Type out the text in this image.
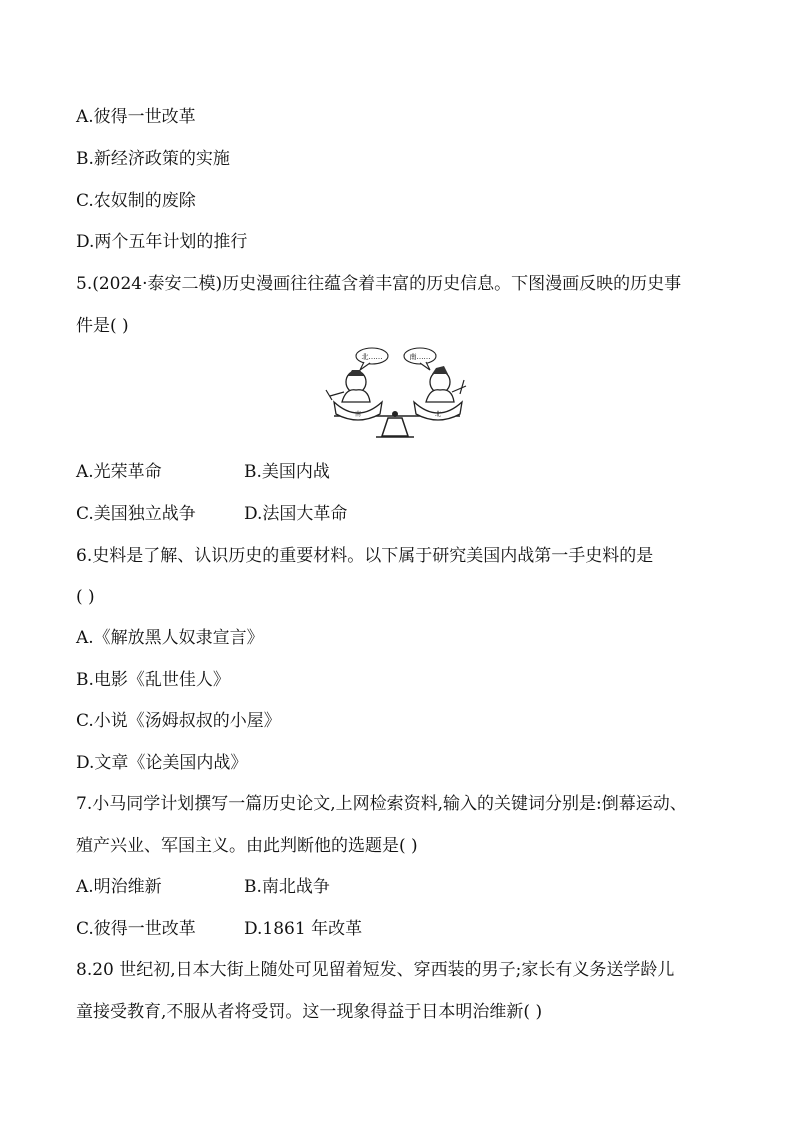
A.彼得一世改革
B.新经济政策的实施
C.农奴制的废除
D.两个五年计划的推行
5.(2024·泰安二模)历史漫画往往蕴含着丰富的历史信息。下图漫画反映的历史事
件是( )
北……	南……
南	北
A.光荣革命	B.美国内战
C.美国独立战争	D.法国大革命
6.史料是了解、认识历史的重要材料。以下属于研究美国内战第一手史料的是
( )
A.《解放黑人奴隶宣言》
B.电影《乱世佳人》
C.小说《汤姆叔叔的小屋》
D.文章《论美国内战》
7.小马同学计划撰写一篇历史论文,上网检索资料,输入的关键词分别是:倒幕运动、
殖产兴业、军国主义。由此判断他的选题是( )
A.明治维新	B.南北战争
C.彼得一世改革	D.1861 年改革
8.20 世纪初,日本大街上随处可见留着短发、穿西装的男子;家长有义务送学龄儿
童接受教育,不服从者将受罚。这一现象得益于日本明治维新( )
